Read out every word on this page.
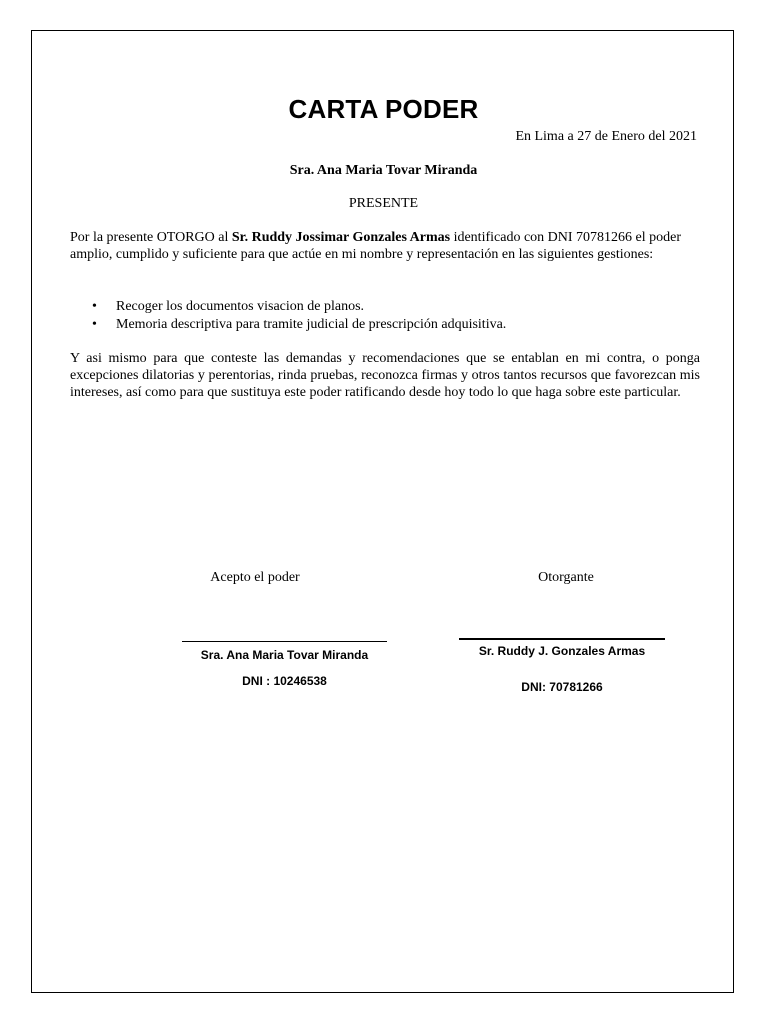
CARTA PODER
En Lima a 27 de Enero del 2021
Sra. Ana Maria Tovar Miranda
PRESENTE
Por la presente OTORGO al Sr. Ruddy Jossimar Gonzales Armas identificado con DNI 70781266 el poder amplio, cumplido y suficiente para que actúe en mi nombre y representación en las siguientes gestiones:
• Recoger los documentos visacion de planos.
• Memoria descriptiva para tramite judicial de prescripción adquisitiva.
Y asi mismo para que conteste las demandas y recomendaciones que se entablan en mi contra, o ponga excepciones dilatorias y perentorias, rinda pruebas, reconozca firmas y otros tantos recursos que favorezcan mis intereses, así como para que sustituya este poder ratificando desde hoy todo lo que haga sobre este particular.
Acepto el poder	Otorgante
Sra. Ana Maria Tovar Miranda
DNI : 10246538
Sr. Ruddy J. Gonzales Armas
DNI: 70781266
